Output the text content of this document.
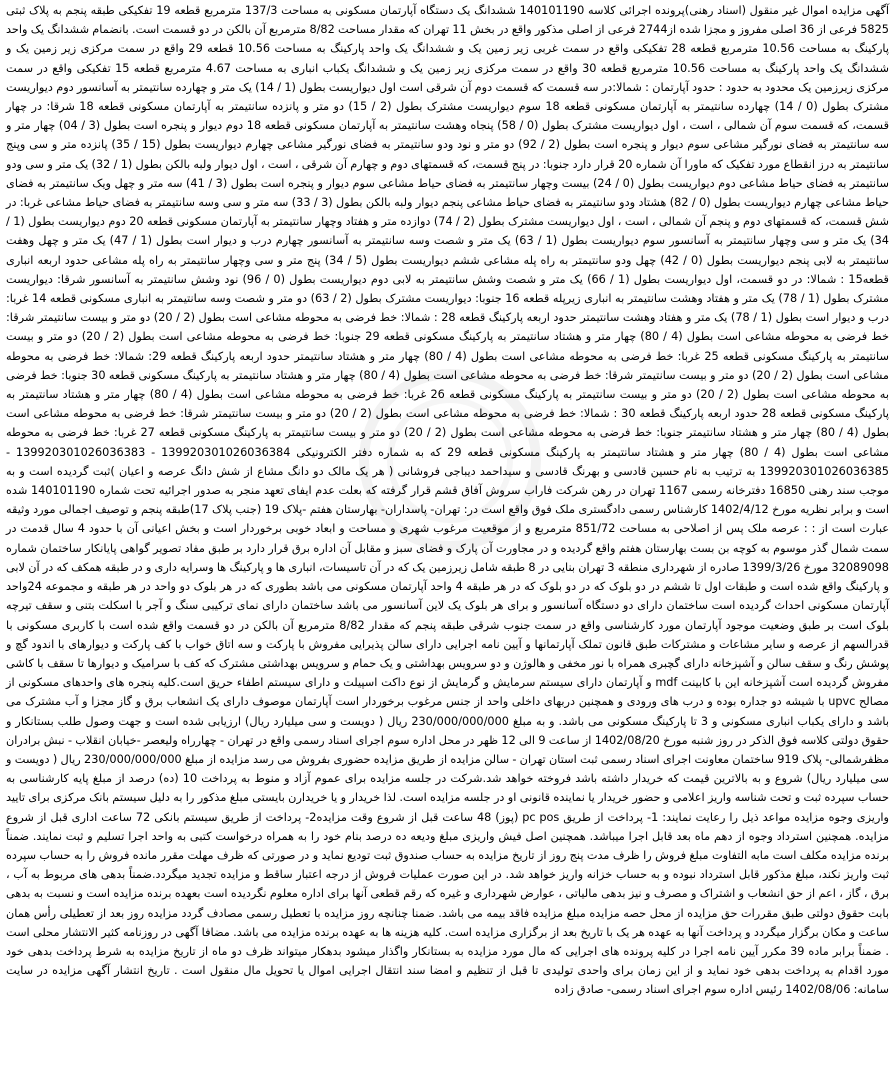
آگهی مزایده اموال غیر منقول (اسناد رهنی)پرونده اجرائی کلاسه 140101190 ششدانگ یک دستگاه آپارتمان مسکونی به مساحت 137/3 مترمربع قطعه 19 تفکیکی طبقه پنجم به پلاک ثبتی 5825 فرعی از 36 اصلی مفروز و مجزا شده از2744 فرعی از اصلی مذکور واقع در بخش 11 تهران که مقدار مساحت 8/82 مترمربع آن بالکن در دو قسمت است. بانضمام ششدانگ یک واحد پارکینگ به مساحت 10.56 مترمربع قطعه 28 تفکیکی واقع در سمت غربی زیر زمین یک و ششدانگ یک واحد پارکینگ به مساحت 10.56 قطعه 29 واقع در سمت مرکزی زیر زمین یک و ششدانگ یک واحد پارکینگ به مساحت 10.56 مترمربع قطعه 30 واقع در سمت مرکزی زیر زمین یک و ششدانگ یکباب انباری به مساحت 4.67 مترمربع قطعه 15 تفکیکی واقع در سمت مرکزی زیرزمین یک محدود به حدود : حدود آپارتمان : شمالا:در سه قسمت که قسمت دوم آن شرقی است اول دیواریست بطول (1 / 14) یک متر و چهارده سانتیمتر به آسانسور دوم دیواریست مشترک بطول (0 / 14) چهارده سانتیمتر به آپارتمان مسکونی قطعه 18 سوم دیواریست مشترک بطول (2 / 15) دو متر و پانزده سانتیمتر به آپارتمان مسکونی قطعه 18 شرقا: در چهار قسمت، که قسمت سوم آن شمالی ، است ، اول دیواریست مشترک بطول (0 / 58) پنجاه وهشت سانتیمتر به آپارتمان مسکونی قطعه 18 دوم دیوار و پنجره است بطول (3 / 04) چهار متر و سه سانتیمتر به فضای نورگیر مشاعی سوم دیوار و پنجره است بطول (2 / 92) دو متر و نود ودو سانتیمتر به فضای نورگیر مشاعی چهارم دیواریست بطول (15 / 35) پانزده متر و سی وپنج سانتیمتر به درز انقطاع مورد تفکیک که ماورا آن شماره 20 قرار دارد جنوبا: در پنج قسمت، که قسمتهای دوم و چهارم آن شرقی ، است ، اول دیوار ولبه بالکن بطول (1 / 32) یک متر و سی ودو سانتیمتر به فضای حیاط مشاعی دوم دیواریست بطول (0 / 24) بیست وچهار سانتیمتر به فضای حیاط مشاعی سوم دیوار و پنجره است بطول (3 / 41) سه متر و چهل ویک سانتیمتر به فضای حیاط مشاعی چهارم دیواریست بطول (0 / 82) هشتاد ودو سانتیمتر به فضای حیاط مشاعی پنجم دیوار ولبه بالکن بطول (3 / 33) سه متر و سی وسه سانتیمتر به فضای حیاط مشاعی غربا: در شش قسمت، که قسمتهای دوم و پنجم آن شمالی ، است ، اول دیواریست مشترک بطول (2 / 74) دوازده متر و هفتاد وچهار سانتیمتر به آپارتمان مسکونی قطعه 20 دوم دیواریست بطول (1 / 34) یک متر و سی وچهار سانتیمتر به آسانسور سوم دیواریست بطول (1 / 63) یک متر و شصت وسه سانتیمتر به آسانسور چهارم درب و دیوار است بطول (1 / 47) یک متر و چهل وهفت سانتیمتر به لابی پنجم دیواریست بطول (0 / 42) چهل ودو سانتیمتر به راه پله مشاعی ششم دیواریست بطول (5 / 34) پنج متر و سی وچهار سانتیمتر به راه پله مشاعی حدود اربعه انباری قطعه15 : شمالا: در دو قسمت، اول دیواریست بطول (1 / 66) یک متر و شصت وشش سانتیمتر به لابی دوم دیواریست بطول (0 / 96) نود وشش سانتیمتر به آسانسور شرقا: دیواریست مشترک بطول (1 / 78) یک متر و هفتاد وهشت سانتیمتر به انباری زیرپله قطعه 16 جنوبا: دیواریست مشترک بطول (2 / 63) دو متر و شصت وسه سانتیمتر به انباری مسکونی قطعه 14 غربا: درب و دیوار است بطول (1 / 78) یک متر و هفتاد وهشت سانتیمتر حدود اربعه پارکینگ قطعه 28 : شمالا: خط فرضی به محوطه مشاعی است بطول (2 / 20) دو متر و بیست سانتیمتر شرقا: خط فرضی به محوطه مشاعی است بطول (4 / 80) چهار متر و هشتاد سانتیمتر به پارکینگ مسکونی قطعه 29 جنوبا: خط فرضی به محوطه مشاعی است بطول (2 / 20) دو متر و بیست سانتیمتر به پارکینگ مسکونی قطعه 25 غربا: خط فرضی به محوطه مشاعی است بطول (4 / 80) چهار متر و هشتاد سانتیمتر حدود اربعه پارکینگ قطعه 29: شمالا: خط فرضی به محوطه مشاعی است بطول (2 / 20) دو متر و بیست سانتیمتر شرقا: خط فرضی به محوطه مشاعی است بطول (4 / 80) چهار متر و هشتاد سانتیمتر به پارکینگ مسکونی قطعه 30 جنوبا: خط فرضی به محوطه مشاعی است بطول (2 / 20) دو متر و بیست سانتیمتر به پارکینگ مسکونی قطعه 26 غربا: خط فرضی به محوطه مشاعی است بطول (4 / 80) چهار متر و هشتاد سانتیمتر به پارکینگ مسکونی قطعه 28 حدود اربعه پارکینگ قطعه 30 : شمالا: خط فرضی به محوطه مشاعی است بطول (2 / 20) دو متر و بیست سانتیمتر شرقا: خط فرضی به محوطه مشاعی است بطول (4 / 80) چهار متر و هشتاد سانتیمتر جنوبا: خط فرضی به محوطه مشاعی است بطول (2 / 20) دو متر و بیست سانتیمتر به پارکینگ مسکونی قطعه 27 غربا: خط فرضی به محوطه مشاعی است بطول (4 / 80) چهار متر و هشتاد سانتیمتر به پارکینگ مسکونی قطعه 29 که به شماره دفتر الکترونیکی 139920301026036384 - 139920301026036383 - 139920301026036385 به ترتیب به نام حسین قادسی و بهرنگ قادسی و سیداحمد دیباجی فروشانی ( هر یک مالک دو دانگ مشاع از شش دانگ عرصه و اعیان )ثبت گردیده است و به موجب سند رهنی 16850 دفترخانه رسمی 1167 تهران در رهن شرکت فاراب سروش آفاق قشم قرار گرفته که بعلت عدم ایفای تعهد منجر به صدور اجرائیه تحت شماره 140101190 شده است و برابر نظریه مورخ 1402/4/12 کارشناس رسمی دادگستری ملک فوق واقع است در: تهران- پاسداران- بهارستان هفتم -پلاک 19 (جنب پلاک 17)طبقه پنجم و توصیف اجمالی مورد وثیقه عبارت است از : : عرصه ملک پس از اصلاحی به مساحت 851/72 مترمربع و از موقعیت مرغوب شهری و مساحت و ابعاد خوبی برخوردار است و بخش اعیانی آن با حدود 4 سال قدمت در سمت شمال گذر موسوم به کوچه بن بست بهارستان هفتم واقع گردیده و در مجاورت آن پارک و فضای سبز و مقابل آن اداره برق قرار دارد بر طبق مفاد تصویر گواهی پایانکار ساختمان شماره 32089098 مورخ 1399/3/26 صادره از شهرداری منطقه 3 تهران بنایی در 8 طبقه شامل زیرزمین یک که در آن تاسیسات، انباری ها و پارکینگ ها وسرایه داری و در طبقه همکف که در آن لابی و پارکینگ واقع شده است و طبقات اول تا ششم در دو بلوک که در دو بلوک که در هر طبقه 4 واحد آپارتمان مسکونی می باشد بطوری که در هر بلوک دو واحد در هر طبقه و مجموعه 24واحد آپارتمان مسکونی احداث گردیده است ساختمان دارای دو دستگاه آسانسور و برای هر بلوک یک لاین آسانسور می باشد ساختمان دارای نمای ترکیبی سنگ و آجر با اسکلت بتنی و سقف تیرچه بلوک است بر طبق وضعیت موجود آپارتمان مورد کارشناسی واقع در سمت جنوب شرقی طبقه پنجم که مقدار 8/82 مترمربع آن بالکن در دو قسمت واقع شده است با کاربری مسکونی با قدرالسهم از عرصه و سایر مشاعات و مشترکات طبق قانون تملک آپارتمانها و آیین نامه اجرایی دارای سالن پذیرایی مفروش با پارکت و سه اتاق خواب با کف پارکت و دیوارهای با اندود گچ و پوشش رنگ و سقف سالن و آشپزخانه دارای گچبری همراه با نور مخفی و هالوژن و دو سرویس بهداشتی و یک حمام و سرویس بهداشتی مشترک که کف با سرامیک و دیوارها تا سقف با کاشی مفروش گردیده است آشپزخانه این با کابینت mdf و آپارتمان دارای سیستم سرمایش و گرمایش از نوع داکت اسپیلت و دارای سیستم اطفاء حریق است.کلیه پنجره های واحدهای مسکونی از مصالح upvc با شیشه دو جداره بوده و درب های ورودی و همچنین دربهای داخلی واحد از جنس مرغوب برخوردار است آپارتمان موصوف دارای یک انشعاب برق و گاز مجزا و آب مشترک می باشد و دارای یکباب انباری مسکونی و 3 تا پارکینگ مسکونی می باشد. و به مبلغ 230/000/000/000 ریال ( دویست و سی میلیارد ریال) ارزیابی شده است و جهت وصول طلب بستانکار و حقوق دولتی کلاسه فوق الذکر در روز شنبه مورخ 1402/08/20 از ساعت 9 الی 12 ظهر در محل اداره سوم اجرای اسناد رسمی واقع در تهران - چهارراه ولیعصر -خیابان انقلاب - نبش برادران مظفرشمالی- پلاک 919 ساختمان معاونت اجرای اسناد رسمی ثبت استان تهران - سالن مزایده از طریق مزایده حضوری بفروش می رسد مزایده از مبلغ 230/000/000/000 ریال ( دویست و سی میلیارد ریال) شروع و به بالاترین قیمت که خریدار داشته باشد فروخته خواهد شد.شرکت در جلسه مزایده برای عموم آزاد و منوط به پرداخت 10 (ده) درصد از مبلغ پایه کارشناسی به حساب سپرده ثبت و تحت شناسه واریز اعلامی و حضور خریدار یا نماینده قانونی او در جلسه مزایده است. لذا خریدار و یا خریدارن بایستی مبلغ مذکور را به دلیل سیستم بانک مرکزی برای تایید واریزی وجوه مزایده مواعد ذیل را رعایت نمایند: 1- پرداخت از طریق pc pos (پوز) 48 ساعت قبل از شروع وقت مزایده2- پرداخت از طریق سیستم بانکی 72 ساعت اداری قبل از شروع مزایده. همچنین استرداد وجوه از دهم ماه بعد قابل اجرا میباشد. همچنین اصل فیش واریزی مبلغ ودیعه ده درصد بنام خود را به همراه درخواست کتبی به واحد اجرا تسلیم و ثبت نمایند. ضمناً برنده مزایده مکلف است مابه التفاوت مبلغ فروش را ظرف مدت پنج روز از تاریخ مزایده به حساب صندوق ثبت توديع نمايد و در صورتی که ظرف مهلت مقرر مانده فروش را به حساب سپرده ثبت واریز نکند، مبلغ مذکور قابل استرداد نبوده و به حساب خزانه واریز خواهد شد. در این صورت عملیات فروش از درجه اعتبار ساقط و مزایده تجدید میگردد.ضمناً بدهی های مربوط به آب ، برق ، گاز ، اعم از حق انشعاب و اشتراک و مصرف و نیز بدهی مالیاتی ، عوارض شهرداری و غیره که رقم قطعی آنها برای اداره معلوم نگردیده است بعهده برنده مزایده است و نسبت به بدهی بابت حقوق دولتی طبق مقررات حق مزایده از محل حصه مزایده مبلغ مزایده فاقد بیمه می باشد. ضمنا چنانچه روز مزایده با تعطیل رسمی مصادف گردد مزایده روز بعد از تعطیلی رأس همان ساعت و مکان برگزار میگردد و پرداخت آنها به عهده هر یک با تاریخ بعد از برگزاری مزایده است. کلیه هزینه ها به عهده برنده مزایده می باشد. مضافا آگهی در روزنامه کثیر الانتشار محلی است . ضمناً برابر ماده 39 مکرر آیین نامه اجرا در کلیه پرونده های اجرایی که مال مورد مزایده به بستانکار واگذار میشود بدهکار میتواند ظرف دو ماه از تاریخ مزایده به شرط پرداخت بدهی خود مورد اقدام به پرداخت بدهی خود نماید و از این زمان برای واحدی تولیدی تا قبل از تنظیم و امضا سند انتقال اجرایی اموال یا تحویل مال منقول است . تاریخ انتشار آگهی مزایده در سایت سامانه: 1402/08/06 رئیس اداره سوم اجرای اسناد رسمی- صادق زاده
